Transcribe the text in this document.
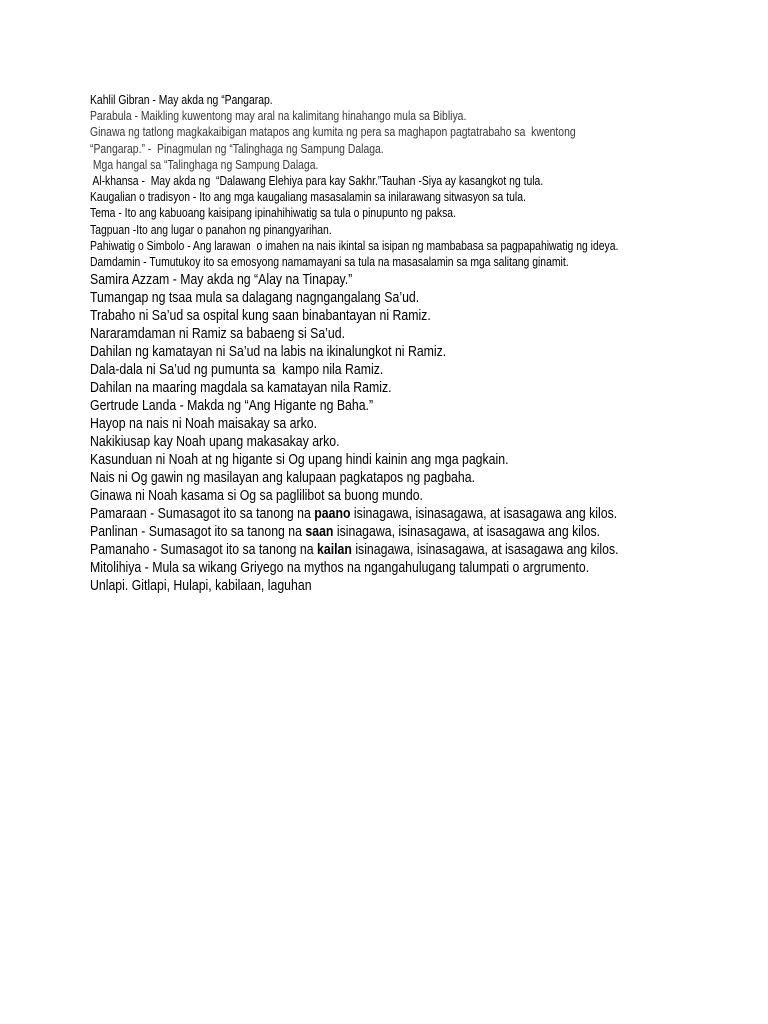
Kahlil Gibran - May akda ng “Pangarap.
Parabula - Maikling kuwentong may aral na kalimitang hinahango mula sa Bibliya.
Ginawa ng tatlong magkakaibigan matapos ang kumita ng pera sa maghapon pagtatrabaho sa  kwentong
“Pangarap.” -  Pinagmulan ng “Talinghaga ng Sampung Dalaga.
Mga hangal sa “Talinghaga ng Sampung Dalaga.
Al-khansa -  May akda ng  “Dalawang Elehiya para kay Sakhr.”Tauhan -Siya ay kasangkot ng tula.
Kaugalian o tradisyon - Ito ang mga kaugaliang masasalamin sa inilarawang sitwasyon sa tula.
Tema - Ito ang kabuoang kaisipang ipinahihiwatig sa tula o pinupunto ng paksa.
Tagpuan -Ito ang lugar o panahon ng pinangyarihan.
Pahiwatig o Simbolo - Ang larawan  o imahen na nais ikintal sa isipan ng mambabasa sa pagpapahiwatig ng ideya.
Damdamin - Tumutukoy ito sa emosyong namamayani sa tula na masasalamin sa mga salitang ginamit.
Samira Azzam - May akda ng “Alay na Tinapay.”
Tumangap ng tsaa mula sa dalagang nagngangalang Sa’ud.
Trabaho ni Sa’ud sa ospital kung saan binabantayan ni Ramiz.
Nararamdaman ni Ramiz sa babaeng si Sa’ud.
Dahilan ng kamatayan ni Sa’ud na labis na ikinalungkot ni Ramiz.
Dala-dala ni Sa’ud ng pumunta sa  kampo nila Ramiz.
Dahilan na maaring magdala sa kamatayan nila Ramiz.
Gertrude Landa - Makda ng “Ang Higante ng Baha.”
Hayop na nais ni Noah maisakay sa arko.
Nakikiusap kay Noah upang makasakay arko.
Kasunduan ni Noah at ng higante si Og upang hindi kainin ang mga pagkain.
Nais ni Og gawin ng masilayan ang kalupaan pagkatapos ng pagbaha.
Ginawa ni Noah kasama si Og sa paglilibot sa buong mundo.
Pamaraan - Sumasagot ito sa tanong na paano isinagawa, isinasagawa, at isasagawa ang kilos.
Panlinan - Sumasagot ito sa tanong na saan isinagawa, isinasagawa, at isasagawa ang kilos.
Pamanaho - Sumasagot ito sa tanong na kailan isinagawa, isinasagawa, at isasagawa ang kilos.
Mitolihiya - Mula sa wikang Griyego na mythos na ngangahulugang talumpati o argrumento.
Unlapi. Gitlapi, Hulapi, kabilaan, laguhan
